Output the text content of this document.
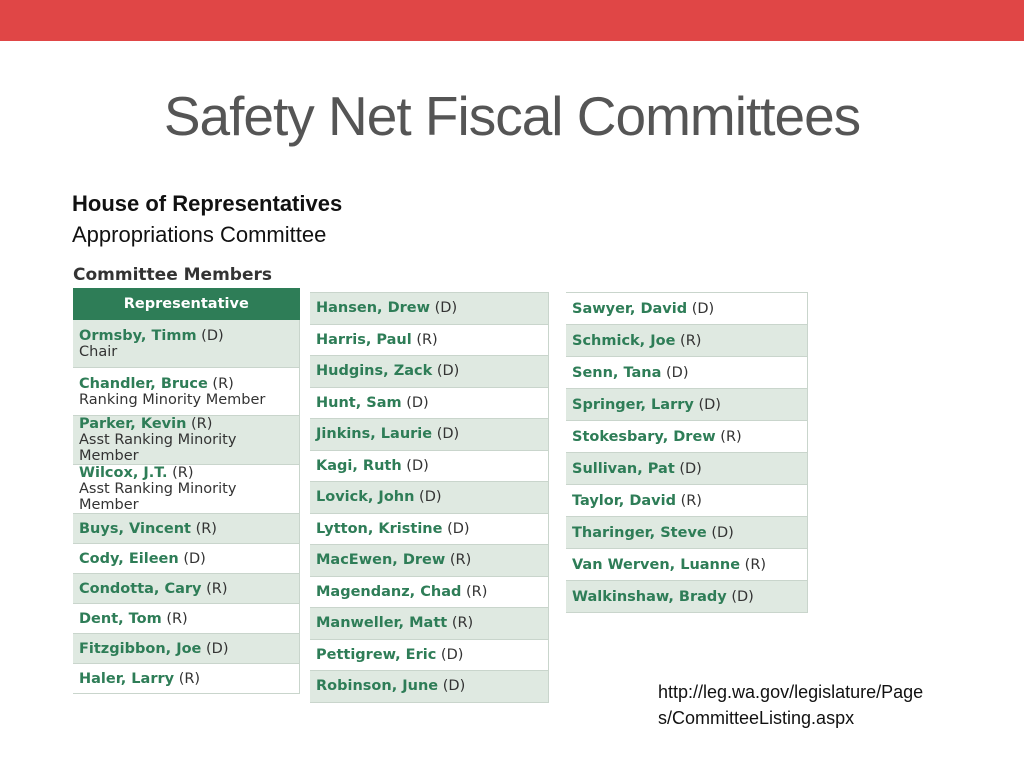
Safety Net Fiscal Committees
House of Representatives
Appropriations Committee
Committee Members
Representative
Ormsby, Timm (D)
Chair

Chandler, Bruce (R)
Ranking Minority Member

Parker, Kevin (R)
Asst Ranking Minority Member

Wilcox, J.T. (R)
Asst Ranking Minority Member

Buys, Vincent (R)
Cody, Eileen (D)
Condotta, Cary (R)
Dent, Tom (R)
Fitzgibbon, Joe (D)
Haler, Larry (R)
Hansen, Drew (D)
Harris, Paul (R)
Hudgins, Zack (D)
Hunt, Sam (D)
Jinkins, Laurie (D)
Kagi, Ruth (D)
Lovick, John (D)
Lytton, Kristine (D)
MacEwen, Drew (R)
Magendanz, Chad (R)
Manweller, Matt (R)
Pettigrew, Eric (D)
Robinson, June (D)
Sawyer, David (D)
Schmick, Joe (R)
Senn, Tana (D)
Springer, Larry (D)
Stokesbary, Drew (R)
Sullivan, Pat (D)
Taylor, David (R)
Tharinger, Steve (D)
Van Werven, Luanne (R)
Walkinshaw, Brady (D)
http://leg.wa.gov/legislature/Page
s/CommitteeListing.aspx
